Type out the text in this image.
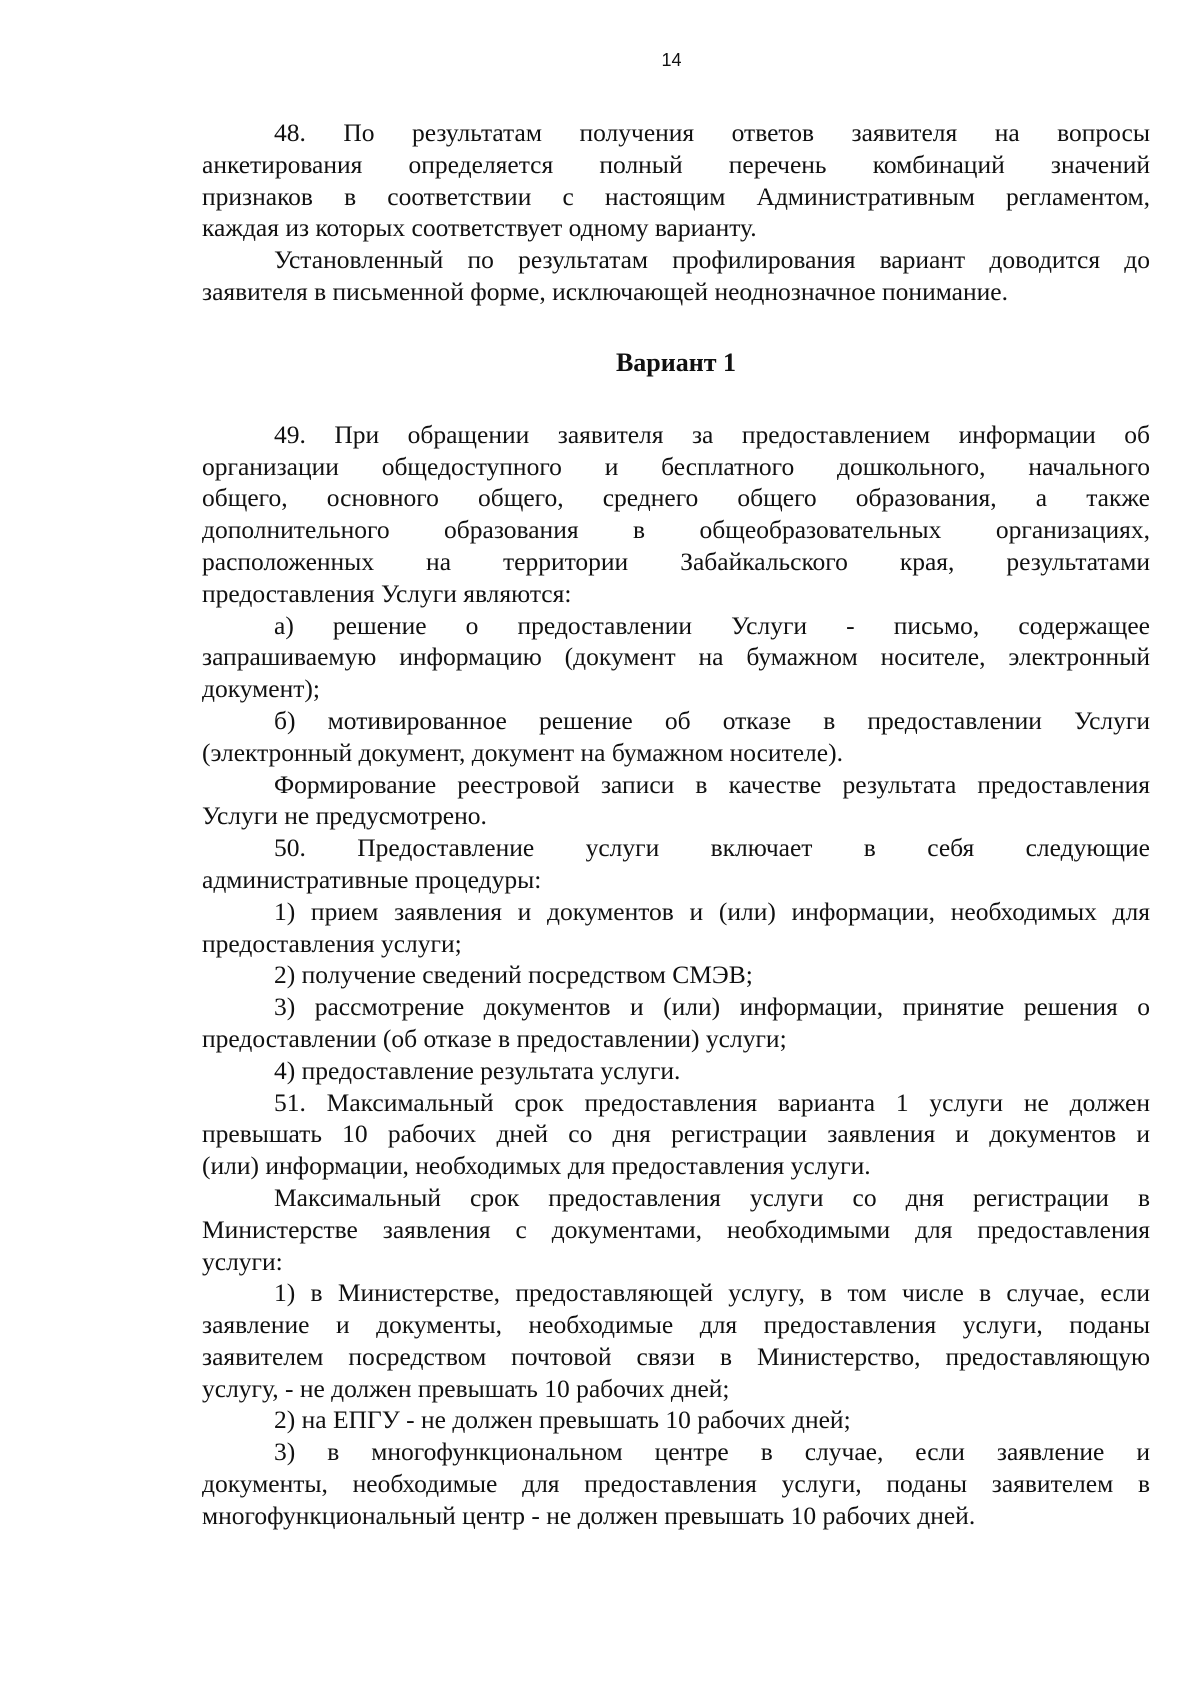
14
48. По результатам получения ответов заявителя на вопросы
анкетирования определяется полный перечень комбинаций значений
признаков в соответствии с настоящим Административным регламентом,
каждая из которых соответствует одному варианту.
Установленный по результатам профилирования вариант доводится до
заявителя в письменной форме, исключающей неоднозначное понимание.
Вариант 1
49. При обращении заявителя за предоставлением информации об
организации общедоступного и бесплатного дошкольного, начального
общего, основного общего, среднего общего образования, а также
дополнительного образования в общеобразовательных организациях,
расположенных на территории Забайкальского края, результатами
предоставления Услуги являются:
а) решение о предоставлении Услуги - письмо, содержащее
запрашиваемую информацию (документ на бумажном носителе, электронный
документ);
б) мотивированное решение об отказе в предоставлении Услуги
(электронный документ, документ на бумажном носителе).
Формирование реестровой записи в качестве результата предоставления
Услуги не предусмотрено.
50. Предоставление услуги включает в себя следующие
административные процедуры:
1) прием заявления и документов и (или) информации, необходимых для
предоставления услуги;
2) получение сведений посредством СМЭВ;
3) рассмотрение документов и (или) информации, принятие решения о
предоставлении (об отказе в предоставлении) услуги;
4) предоставление результата услуги.
51. Максимальный срок предоставления варианта 1 услуги не должен
превышать 10 рабочих дней со дня регистрации заявления и документов и
(или) информации, необходимых для предоставления услуги.
Максимальный срок предоставления услуги со дня регистрации в
Министерстве заявления с документами, необходимыми для предоставления
услуги:
1) в Министерстве, предоставляющей услугу, в том числе в случае, если
заявление и документы, необходимые для предоставления услуги, поданы
заявителем посредством почтовой связи в Министерство, предоставляющую
услугу, - не должен превышать 10 рабочих дней;
2) на ЕПГУ - не должен превышать 10 рабочих дней;
3) в многофункциональном центре в случае, если заявление и
документы, необходимые для предоставления услуги, поданы заявителем в
многофункциональный центр - не должен превышать 10 рабочих дней.
